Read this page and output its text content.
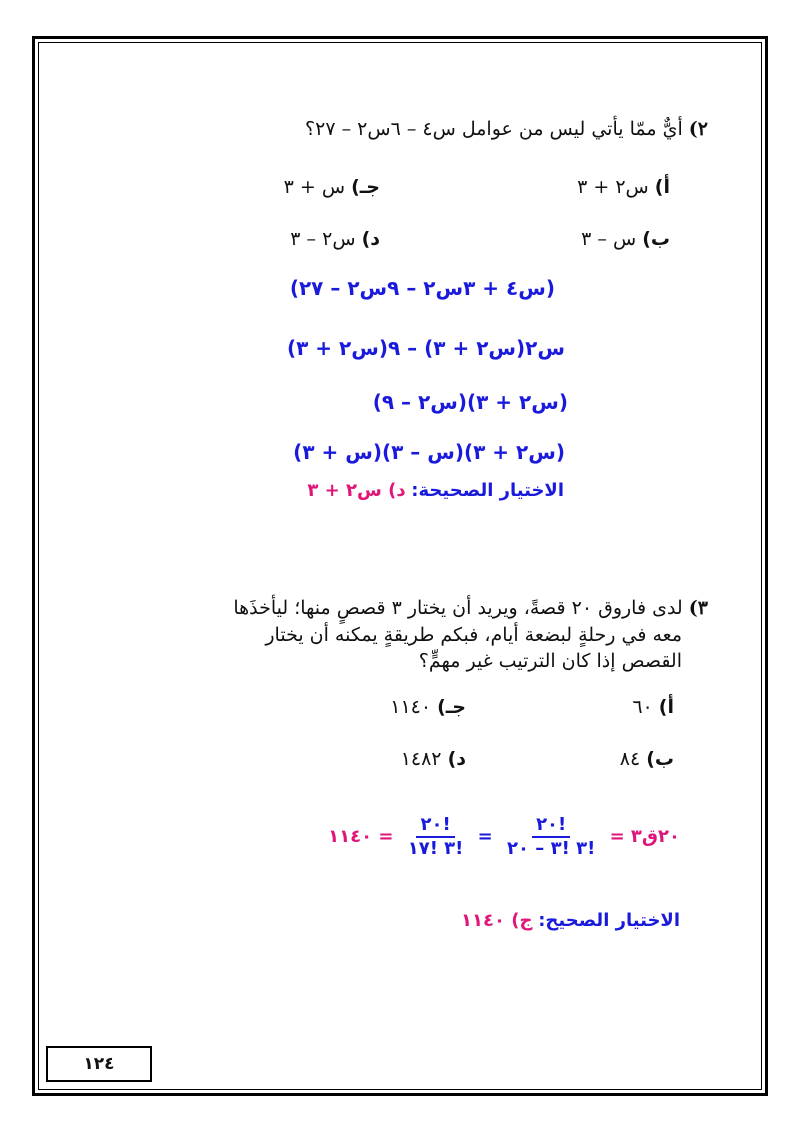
٢) أيٌّ ممّا يأتي ليس من عوامل س٤ – ٦س٢ – ٢٧؟
أ) س٢ + ٣
جـ) س + ٣
ب) س – ٣
د) س٢ – ٣
(س٤ + ٣س٢ – ٩س٢ – ٢٧)
س٢(س٢ + ٣) – ٩(س٢ + ٣)
(س٢ + ٣)(س٢ – ٩)
(س٢ + ٣)(س – ٣)(س + ٣)
الاختيار الصحيحة: د) س٢ + ٣
٣) لدى فاروق ٢٠ قصةً، ويريد أن يختار ٣ قصصٍ منها؛ ليأخذَها
معه في رحلةٍ لبضعة أيام، فبكم طريقةٍ يمكنه أن يختار
القصص إذا كان الترتيب غير مهمٍّ؟
أ) ٦٠
جـ) ١١٤٠
ب) ٨٤
د) ١٤٨٢
٢٠ق٣ =
$\frac{!٢٠}{!٣ !٣ - ٢٠}$
=
$\frac{!٢٠}{!٣ !١٧}$
= ١١٤٠
الاختيار الصحيح: ج) ١١٤٠
١٢٤
